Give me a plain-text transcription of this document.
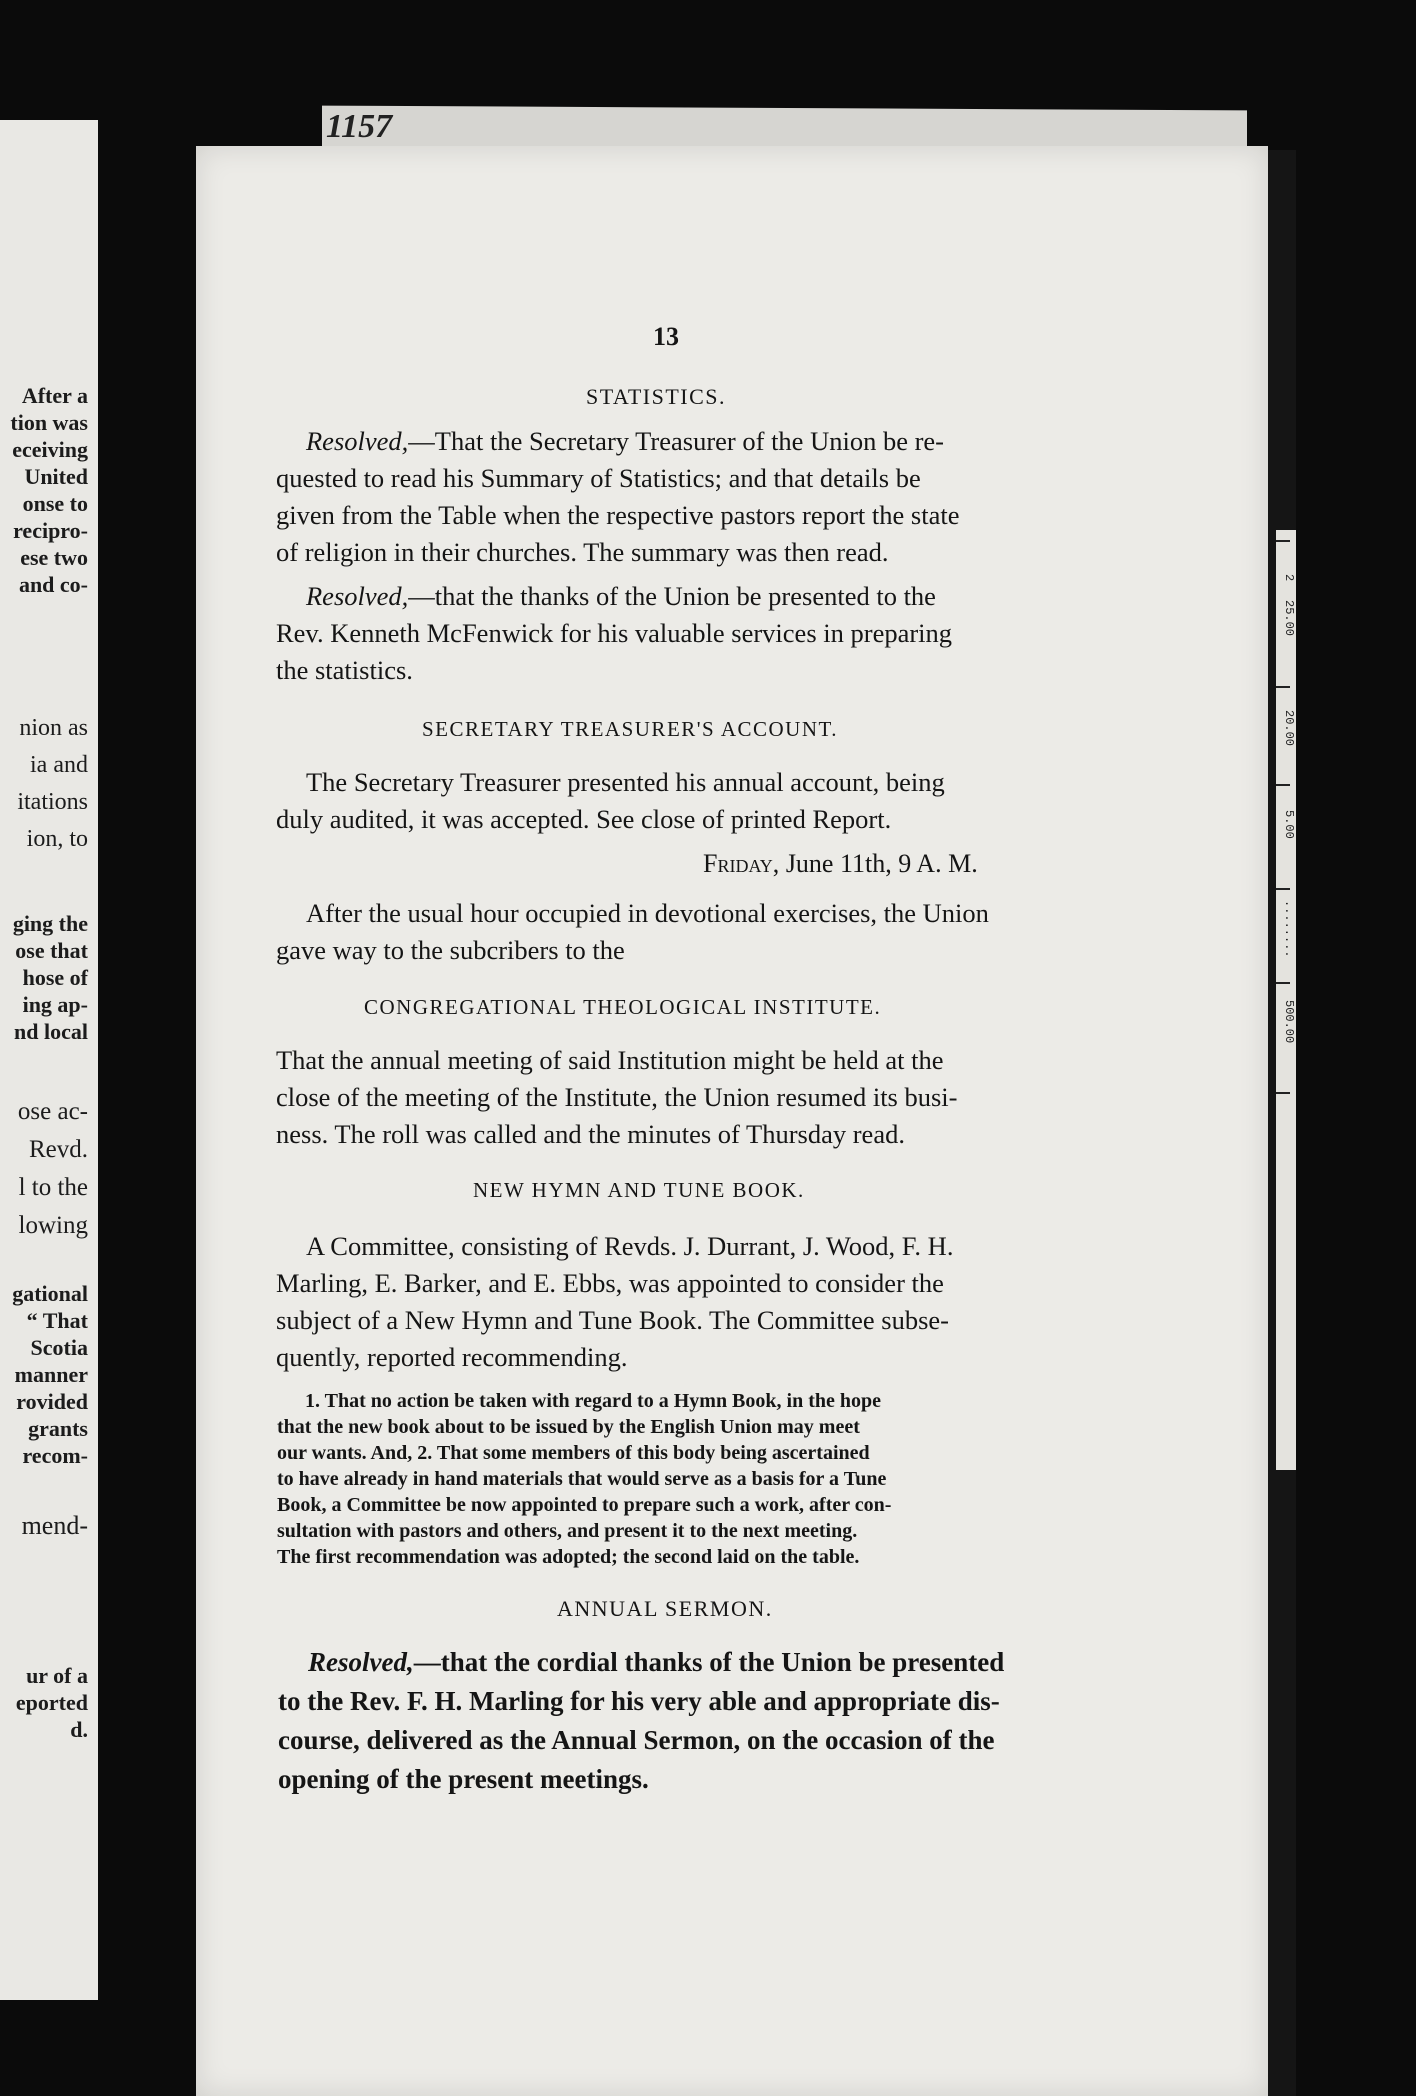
After a
tion was
eceiving
United
onse to
recipro-
ese two
and co-
nion as
ia and
itations
ion, to
ging the
ose that
hose of
ing ap-
nd local
ose ac-
Revd.
l to the
lowing
gational
“ That
Scotia
manner
rovided
grants
recom-
mend-
ur of a
eported
d.
1157
2
25.00
20.00
5.00
........
500.00
13
STATISTICS.
Resolved,—That the Secretary Treasurer of the Union be re-
quested to read his Summary of Statistics; and that details be
given from the Table when the respective pastors report the state
of religion in their churches. The summary was then read.
Resolved,—that the thanks of the Union be presented to the
Rev. Kenneth McFenwick for his valuable services in preparing
the statistics.
SECRETARY TREASURER'S ACCOUNT.
The Secretary Treasurer presented his annual account, being
duly audited, it was accepted. See close of printed Report.
Friday, June 11th, 9 A. M.
After the usual hour occupied in devotional exercises, the Union
gave way to the subcribers to the
CONGREGATIONAL THEOLOGICAL INSTITUTE.
That the annual meeting of said Institution might be held at the
close of the meeting of the Institute, the Union resumed its busi-
ness. The roll was called and the minutes of Thursday read.
NEW HYMN AND TUNE BOOK.
A Committee, consisting of Revds. J. Durrant, J. Wood, F. H.
Marling, E. Barker, and E. Ebbs, was appointed to consider the
subject of a New Hymn and Tune Book. The Committee subse-
quently, reported recommending.
1. That no action be taken with regard to a Hymn Book, in the hope
that the new book about to be issued by the English Union may meet
our wants. And, 2. That some members of this body being ascertained
to have already in hand materials that would serve as a basis for a Tune
Book, a Committee be now appointed to prepare such a work, after con-
sultation with pastors and others, and present it to the next meeting.
The first recommendation was adopted; the second laid on the table.
ANNUAL SERMON.
Resolved,—that the cordial thanks of the Union be presented
to the Rev. F. H. Marling for his very able and appropriate dis-
course, delivered as the Annual Sermon, on the occasion of the
opening of the present meetings.
